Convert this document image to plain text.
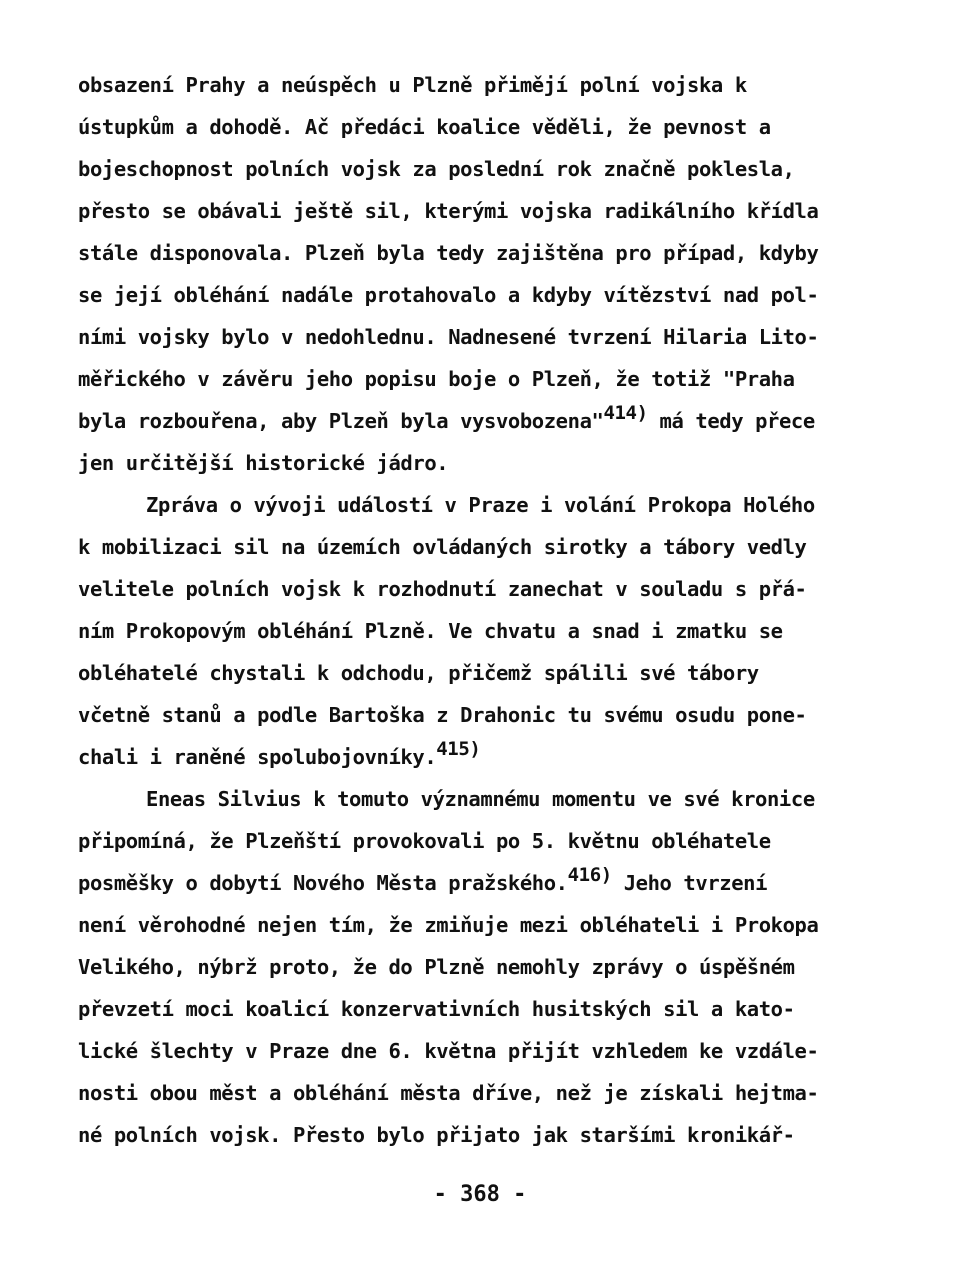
obsazení Prahy a neúspěch u Plzně přimějí polní vojska k
ústupkům a dohodě. Ač předáci koalice věděli, že pevnost a
bojeschopnost polních vojsk za poslední rok značně poklesla,
přesto se obávali ještě sil, kterými vojska radikálního křídla
stále disponovala. Plzeň byla tedy zajištěna pro případ, kdyby
se její obléhání nadále protahovalo a kdyby vítězství nad pol-
ními vojsky bylo v nedohlednu. Nadnesené tvrzení Hilaria Lito-
měřického v závěru jeho popisu boje o Plzeň, že totiž "Praha
byla rozbouřena, aby Plzeň byla vysvobozena"414) má tedy přece
jen určitější historické jádro.
Zpráva o vývoji událostí v Praze i volání Prokopa Holého
k mobilizaci sil na územích ovládaných sirotky a tábory vedly
velitele polních vojsk k rozhodnutí zanechat v souladu s přá-
ním Prokopovým obléhání Plzně. Ve chvatu a snad i zmatku se
obléhatelé chystali k odchodu, přičemž spálili své tábory
včetně stanů a podle Bartoška z Drahonic tu svému osudu pone-
chali i raněné spolubojovníky.415)
Eneas Silvius k tomuto významnému momentu ve své kronice
připomíná, že Plzeňští provokovali po 5. květnu obléhatele
posměšky o dobytí Nového Města pražského.416) Jeho tvrzení
není věrohodné nejen tím, že zmiňuje mezi obléhateli i Prokopa
Velikého, nýbrž proto, že do Plzně nemohly zprávy o úspěšném
převzetí moci koalicí konzervativních husitských sil a kato-
lické šlechty v Praze dne 6. května přijít vzhledem ke vzdále-
nosti obou měst a obléhání města dříve, než je získali hejtma-
né polních vojsk. Přesto bylo přijato jak staršími kronikář-
- 368 -
